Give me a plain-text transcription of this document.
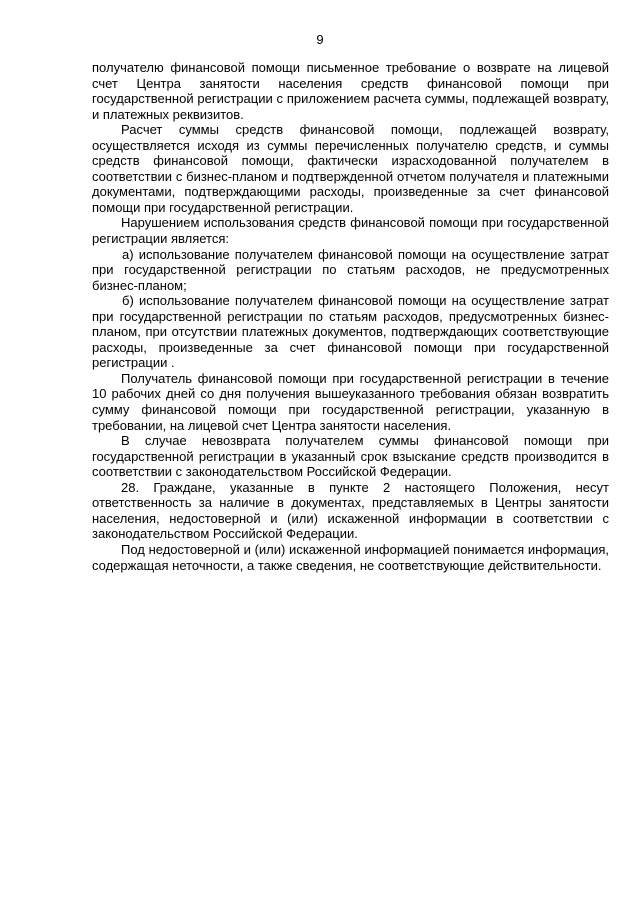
9

получателю финансовой помощи письменное требование о возврате на лицевой счет Центра занятости населения средств финансовой помощи при государственной регистрации с приложением расчета суммы, подлежащей возврату, и платежных реквизитов.

Расчет суммы средств финансовой помощи, подлежащей возврату, осуществляется исходя из суммы перечисленных получателю средств, и суммы средств финансовой помощи, фактически израсходованной получателем в соответствии с бизнес-планом и подтвержденной отчетом получателя и платежными документами, подтверждающими расходы, произведенные за счет финансовой помощи при государственной регистрации.

Нарушением использования средств финансовой помощи при государственной регистрации является:

а) использование получателем финансовой помощи на осуществление затрат при государственной регистрации по статьям расходов, не предусмотренных бизнес-планом;

б) использование получателем финансовой помощи на осуществление затрат при государственной регистрации по статьям расходов, предусмотренных бизнес-планом, при отсутствии платежных документов, подтверждающих соответствующие расходы, произведенные за счет финансовой помощи при государственной регистрации .

Получатель финансовой помощи при государственной регистрации в течение 10 рабочих дней со дня получения вышеуказанного требования обязан возвратить сумму финансовой помощи при государственной регистрации, указанную в требовании, на лицевой счет Центра занятости населения.

В случае невозврата получателем суммы финансовой помощи при государственной регистрации в указанный срок взыскание средств производится в соответствии с законодательством Российской Федерации.

28. Граждане, указанные в пункте 2 настоящего Положения, несут ответственность за наличие в документах, представляемых в Центры занятости населения, недостоверной и (или) искаженной информации в соответствии с законодательством Российской Федерации.

Под недостоверной и (или) искаженной информацией понимается информация, содержащая неточности, а также сведения, не соответствующие действительности.
